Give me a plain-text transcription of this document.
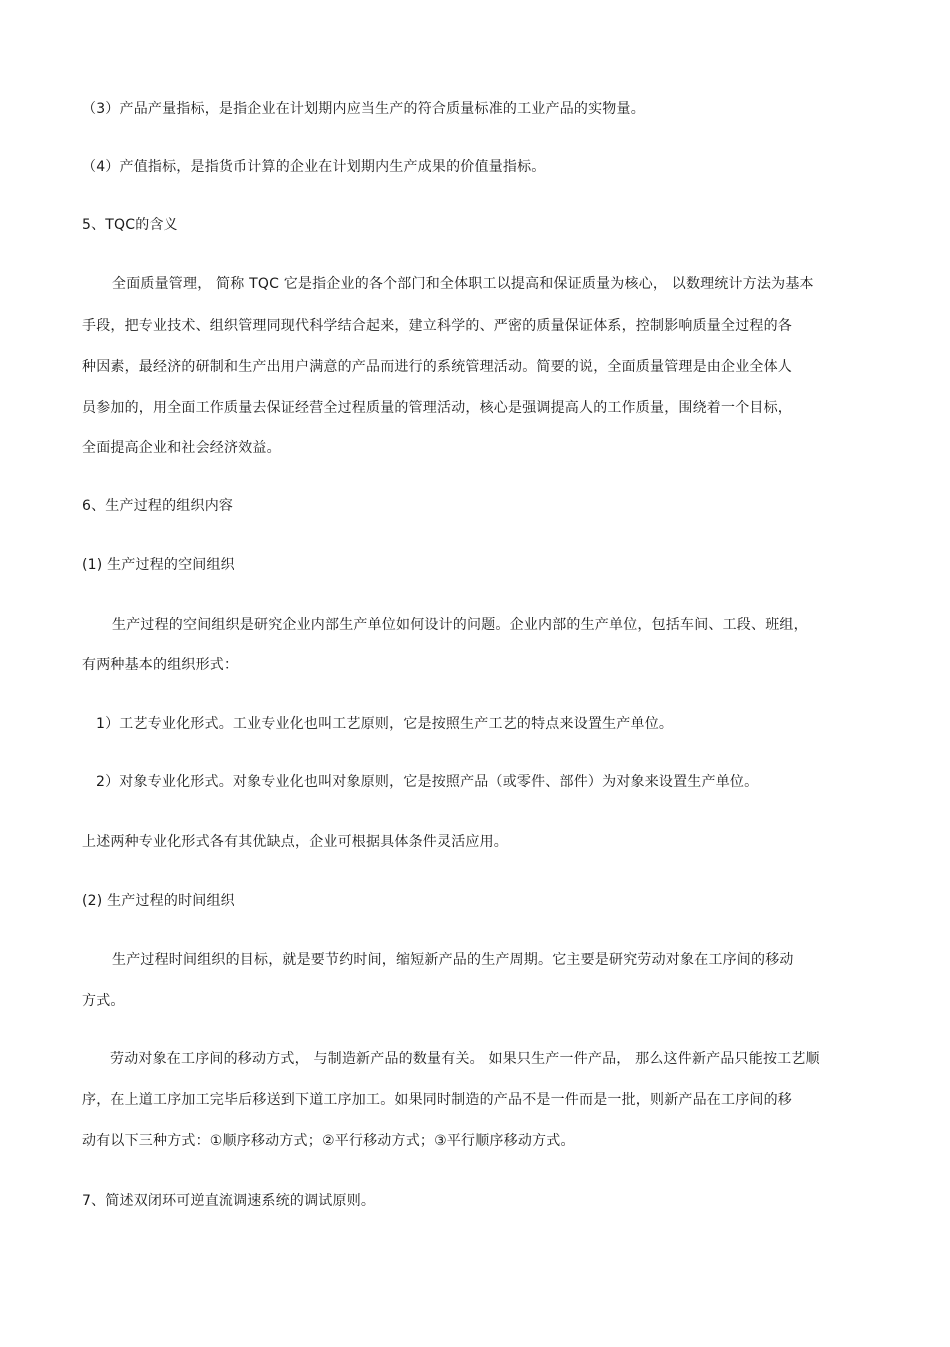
（3）产品产量指标，是指企业在计划期内应当生产的符合质量标准的工业产品的实物量。
（4）产值指标，是指货币计算的企业在计划期内生产成果的价值量指标。
5、TQC的含义
全面质量管理， 简称 TQC 它是指企业的各个部门和全体职工以提高和保证质量为核心， 以数理统计方法为基本
手段，把专业技术、组织管理同现代科学结合起来，建立科学的、严密的质量保证体系，控制影响质量全过程的各
种因素，最经济的研制和生产出用户满意的产品而进行的系统管理活动。简要的说，全面质量管理是由企业全体人
员参加的，用全面工作质量去保证经营全过程质量的管理活动，核心是强调提高人的工作质量，围绕着一个目标，
全面提高企业和社会经济效益。
6、生产过程的组织内容
(1) 生产过程的空间组织
生产过程的空间组织是研究企业内部生产单位如何设计的问题。企业内部的生产单位，包括车间、工段、班组，
有两种基本的组织形式：
1）工艺专业化形式。工业专业化也叫工艺原则，它是按照生产工艺的特点来设置生产单位。
2）对象专业化形式。对象专业化也叫对象原则，它是按照产品（或零件、部件）为对象来设置生产单位。
上述两种专业化形式各有其优缺点，企业可根据具体条件灵活应用。
(2) 生产过程的时间组织
生产过程时间组织的目标，就是要节约时间，缩短新产品的生产周期。它主要是研究劳动对象在工序间的移动
方式。
劳动对象在工序间的移动方式， 与制造新产品的数量有关。 如果只生产一件产品， 那么这件新产品只能按工艺顺
序，在上道工序加工完毕后移送到下道工序加工。如果同时制造的产品不是一件而是一批，则新产品在工序间的移
动有以下三种方式：①顺序移动方式；②平行移动方式；③平行顺序移动方式。
7、简述双闭环可逆直流调速系统的调试原则。
